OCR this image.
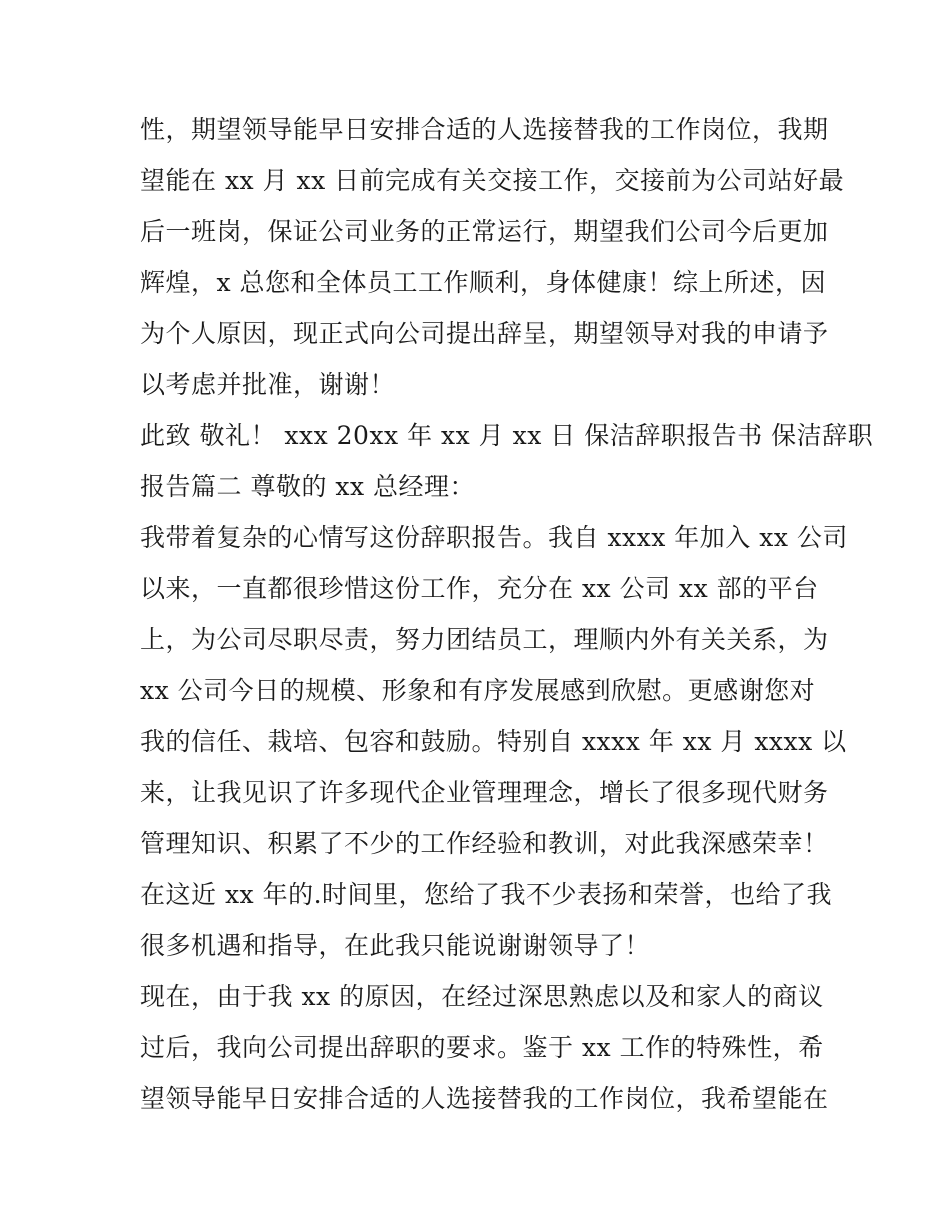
性，期望领导能早日安排合适的人选接替我的工作岗位，我期
望能在 xx 月 xx 日前完成有关交接工作，交接前为公司站好最
后一班岗，保证公司业务的正常运行，期望我们公司今后更加
辉煌，x 总您和全体员工工作顺利，身体健康！综上所述，因
为个人原因，现正式向公司提出辞呈，期望领导对我的申请予
以考虑并批准，谢谢！
此致 敬礼！ xxx 20xx 年 xx 月 xx 日 保洁辞职报告书 保洁辞职
报告篇二 尊敬的 xx 总经理：
我带着复杂的心情写这份辞职报告。我自 xxxx 年加入 xx 公司
以来，一直都很珍惜这份工作，充分在 xx 公司 xx 部的平台
上，为公司尽职尽责，努力团结员工，理顺内外有关关系，为
xx 公司今日的规模、形象和有序发展感到欣慰。更感谢您对
我的信任、栽培、包容和鼓励。特别自 xxxx 年 xx 月 xxxx 以
来，让我见识了许多现代企业管理理念，增长了很多现代财务
管理知识、积累了不少的工作经验和教训，对此我深感荣幸！
在这近 xx 年的.时间里，您给了我不少表扬和荣誉，也给了我
很多机遇和指导，在此我只能说谢谢领导了！
现在，由于我 xx 的原因，在经过深思熟虑以及和家人的商议
过后，我向公司提出辞职的要求。鉴于 xx 工作的特殊性，希
望领导能早日安排合适的人选接替我的工作岗位，我希望能在
